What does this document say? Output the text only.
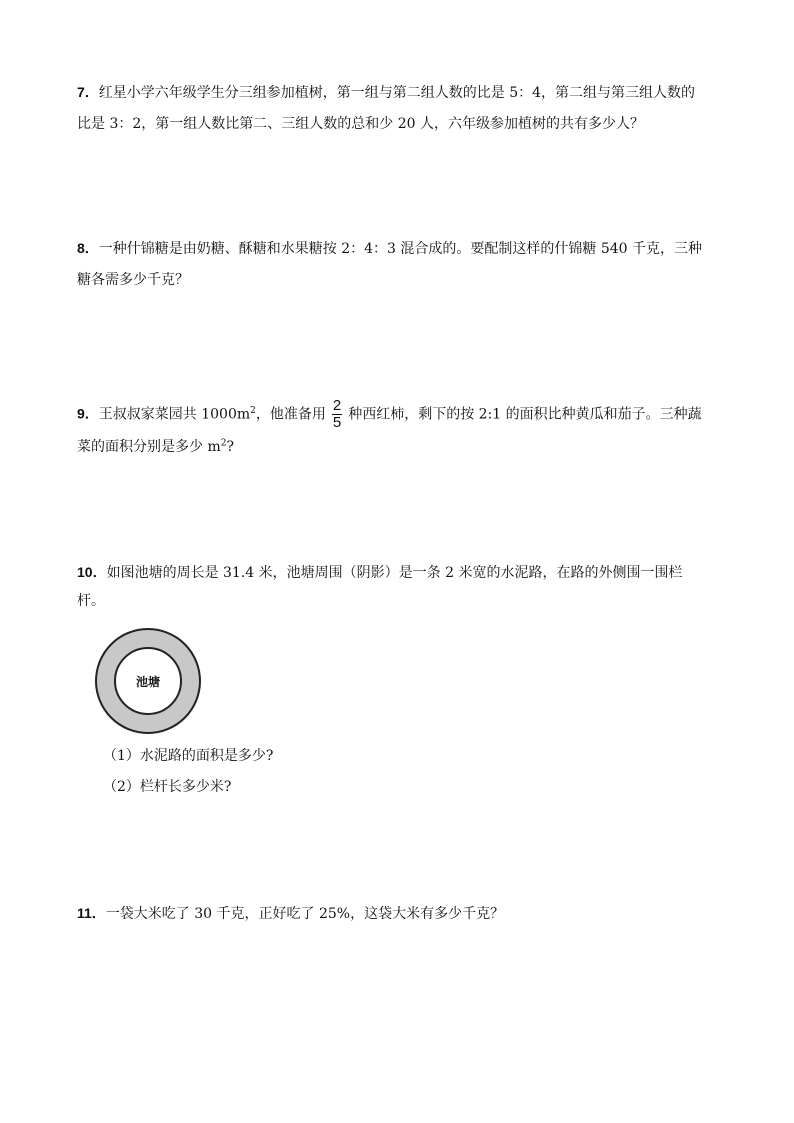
7．红星小学六年级学生分三组参加植树，第一组与第二组人数的比是 5：4，第二组与第三组人数的
比是 3：2，第一组人数比第二、三组人数的总和少 20 人，六年级参加植树的共有多少人？
8．一种什锦糖是由奶糖、酥糖和水果糖按 2：4：3 混合成的。要配制这样的什锦糖 540 千克，三种
糖各需多少千克？
9．王叔叔家菜园共 $1000m^2$，他准备用 $\frac{2}{5}$ 种西红柿，剩下的按 2:1 的面积比种黄瓜和茄子。三种蔬
菜的面积分别是多少 $m^2$?
10．如图池塘的周长是 31.4 米，池塘周围（阴影）是一条 2 米宽的水泥路，在路的外侧围一围栏
杆。
池塘
（1）水泥路的面积是多少?
（2）栏杆长多少米?
11．一袋大米吃了 30 千克，正好吃了 25%，这袋大米有多少千克？
